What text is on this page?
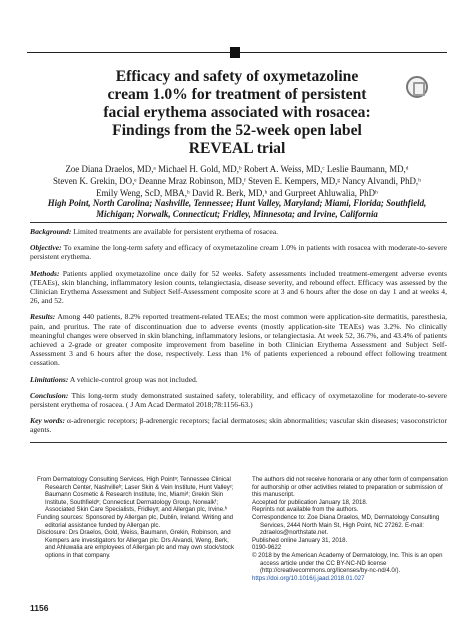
Efficacy and safety of oxymetazoline
cream 1.0% for treatment of persistent
facial erythema associated with rosacea:
Findings from the 52-week open label
REVEAL trial
Zoe Diana Draelos, MD,ᵃ Michael H. Gold, MD,ᵇ Robert A. Weiss, MD,ᶜ Leslie Baumann, MD,ᵈ
Steven K. Grekin, DO,ᵉ Deanne Mraz Robinson, MD,ᶠ Steven E. Kempers, MD,ᵍ Nancy Alvandi, PhD,ʰ
Emily Weng, ScD, MBA,ʰ David R. Berk, MD,ʰ and Gurpreet Ahluwalia, PhDʰ
High Point, North Carolina; Nashville, Tennessee; Hunt Valley, Maryland; Miami, Florida; Southfield,
Michigan; Norwalk, Connecticut; Fridley, Minnesota; and Irvine, California

Background: Limited treatments are available for persistent erythema of rosacea.

Objective: To examine the long-term safety and efficacy of oxymetazoline cream 1.0% in patients with rosacea with moderate-to-severe persistent erythema.

Methods: Patients applied oxymetazoline once daily for 52 weeks. Safety assessments included treatment-emergent adverse events (TEAEs), skin blanching, inflammatory lesion counts, telangiectasia, disease severity, and rebound effect. Efficacy was assessed by the Clinician Erythema Assessment and Subject Self-Assessment composite score at 3 and 6 hours after the dose on day 1 and at weeks 4, 26, and 52.

Results: Among 440 patients, 8.2% reported treatment-related TEAEs; the most common were application-site dermatitis, paresthesia, pain, and pruritus. The rate of discontinuation due to adverse events (mostly application-site TEAEs) was 3.2%. No clinically meaningful changes were observed in skin blanching, inflammatory lesions, or telangiectasia. At week 52, 36.7%, and 43.4% of patients achieved a 2-grade or greater composite improvement from baseline in both Clinician Erythema Assessment and Subject Self-Assessment 3 and 6 hours after the dose, respectively. Less than 1% of patients experienced a rebound effect following treatment cessation.

Limitations: A vehicle-control group was not included.

Conclusion: This long-term study demonstrated sustained safety, tolerability, and efficacy of oxymetazoline for moderate-to-severe persistent erythema of rosacea. ( J Am Acad Dermatol 2018;78:1156-63.)

Key words: α-adrenergic receptors; β-adrenergic receptors; facial dermatoses; skin abnormalities; vascular skin diseases; vasoconstrictor agents.

From Dermatology Consulting Services, High Pointᵃ; Tennessee Clinical Research Center, Nashvilleᵇ; Laser Skin & Vein Institute, Hunt Valleyᶜ; Baumann Cosmetic & Research Institute, Inc, Miamiᵈ; Grekin Skin Institute, Southfieldᵉ; Connecticut Dermatology Group, Norwalkᶠ; Associated Skin Care Specialists, Fridleyᵍ; and Allergan plc, Irvine.ʰ
Funding sources: Sponsored by Allergan plc, Dublin, Ireland. Writing and editorial assistance funded by Allergan plc.
Disclosure: Drs Draelos, Gold, Weiss, Baumann, Grekin, Robinson, and Kempers are investigators for Allergan plc. Drs Alvandi, Weng, Berk, and Ahluwalia are employees of Allergan plc and may own stock/stock options in that company.
The authors did not receive honoraria or any other form of compensation for authorship or other activities related to preparation or submission of this manuscript.
Accepted for publication January 18, 2018.
Reprints not available from the authors.
Correspondence to: Zoe Diana Draelos, MD, Dermatology Consulting Services, 2444 North Main St, High Point, NC 27262. E-mail: zdraelos@northstate.net.
Published online January 31, 2018.
0190-9622
© 2018 by the American Academy of Dermatology, Inc. This is an open access article under the CC BY-NC-ND license (http://creativecommons.org/licenses/by-nc-nd/4.0/).
https://doi.org/10.1016/j.jaad.2018.01.027
1156
